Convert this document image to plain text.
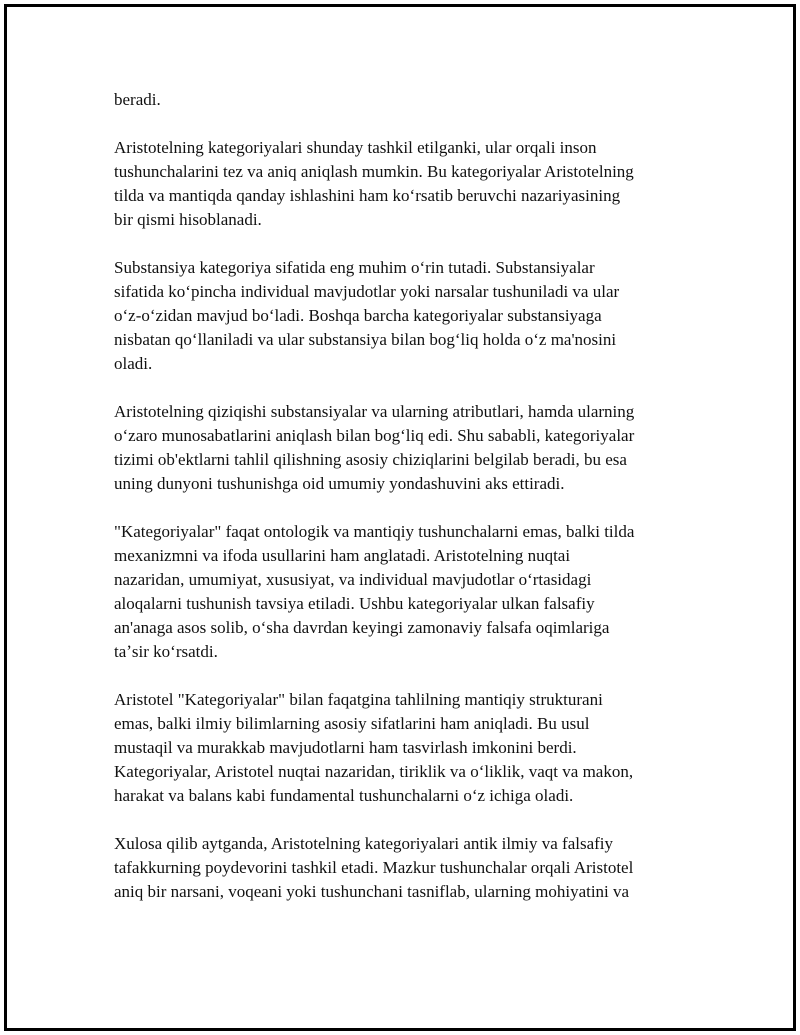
beradi.
Aristotelning kategoriyalari shunday tashkil etilganki, ular orqali inson
tushunchalarini tez va aniq aniqlash mumkin. Bu kategoriyalar Aristotelning
tilda va mantiqda qanday ishlashini ham koʻrsatib beruvchi nazariyasining
bir qismi hisoblanadi.
Substansiya kategoriya sifatida eng muhim oʻrin tutadi. Substansiyalar
sifatida koʻpincha individual mavjudotlar yoki narsalar tushuniladi va ular
oʻz-oʻzidan mavjud boʻladi. Boshqa barcha kategoriyalar substansiyaga
nisbatan qoʻllaniladi va ular substansiya bilan bogʻliq holda oʻz ma'nosini
oladi.
Aristotelning qiziqishi substansiyalar va ularning atributlari, hamda ularning
oʻzaro munosabatlarini aniqlash bilan bogʻliq edi. Shu sababli, kategoriyalar
tizimi ob'ektlarni tahlil qilishning asosiy chiziqlarini belgilab beradi, bu esa
uning dunyoni tushunishga oid umumiy yondashuvini aks ettiradi.
"Kategoriyalar" faqat ontologik va mantiqiy tushunchalarni emas, balki tilda
mexanizmni va ifoda usullarini ham anglatadi. Aristotelning nuqtai
nazaridan, umumiyat, xususiyat, va individual mavjudotlar oʻrtasidagi
aloqalarni tushunish tavsiya etiladi. Ushbu kategoriyalar ulkan falsafiy
an'anaga asos solib, oʻsha davrdan keyingi zamonaviy falsafa oqimlariga
taʼsir koʻrsatdi.
Aristotel "Kategoriyalar" bilan faqatgina tahlilning mantiqiy strukturani
emas, balki ilmiy bilimlarning asosiy sifatlarini ham aniqladi. Bu usul
mustaqil va murakkab mavjudotlarni ham tasvirlash imkonini berdi.
Kategoriyalar, Aristotel nuqtai nazaridan, tiriklik va oʻliklik, vaqt va makon,
harakat va balans kabi fundamental tushunchalarni oʻz ichiga oladi.
Xulosa qilib aytganda, Aristotelning kategoriyalari antik ilmiy va falsafiy
tafakkurning poydevorini tashkil etadi. Mazkur tushunchalar orqali Aristotel
aniq bir narsani, voqeani yoki tushunchani tasniflab, ularning mohiyatini va
